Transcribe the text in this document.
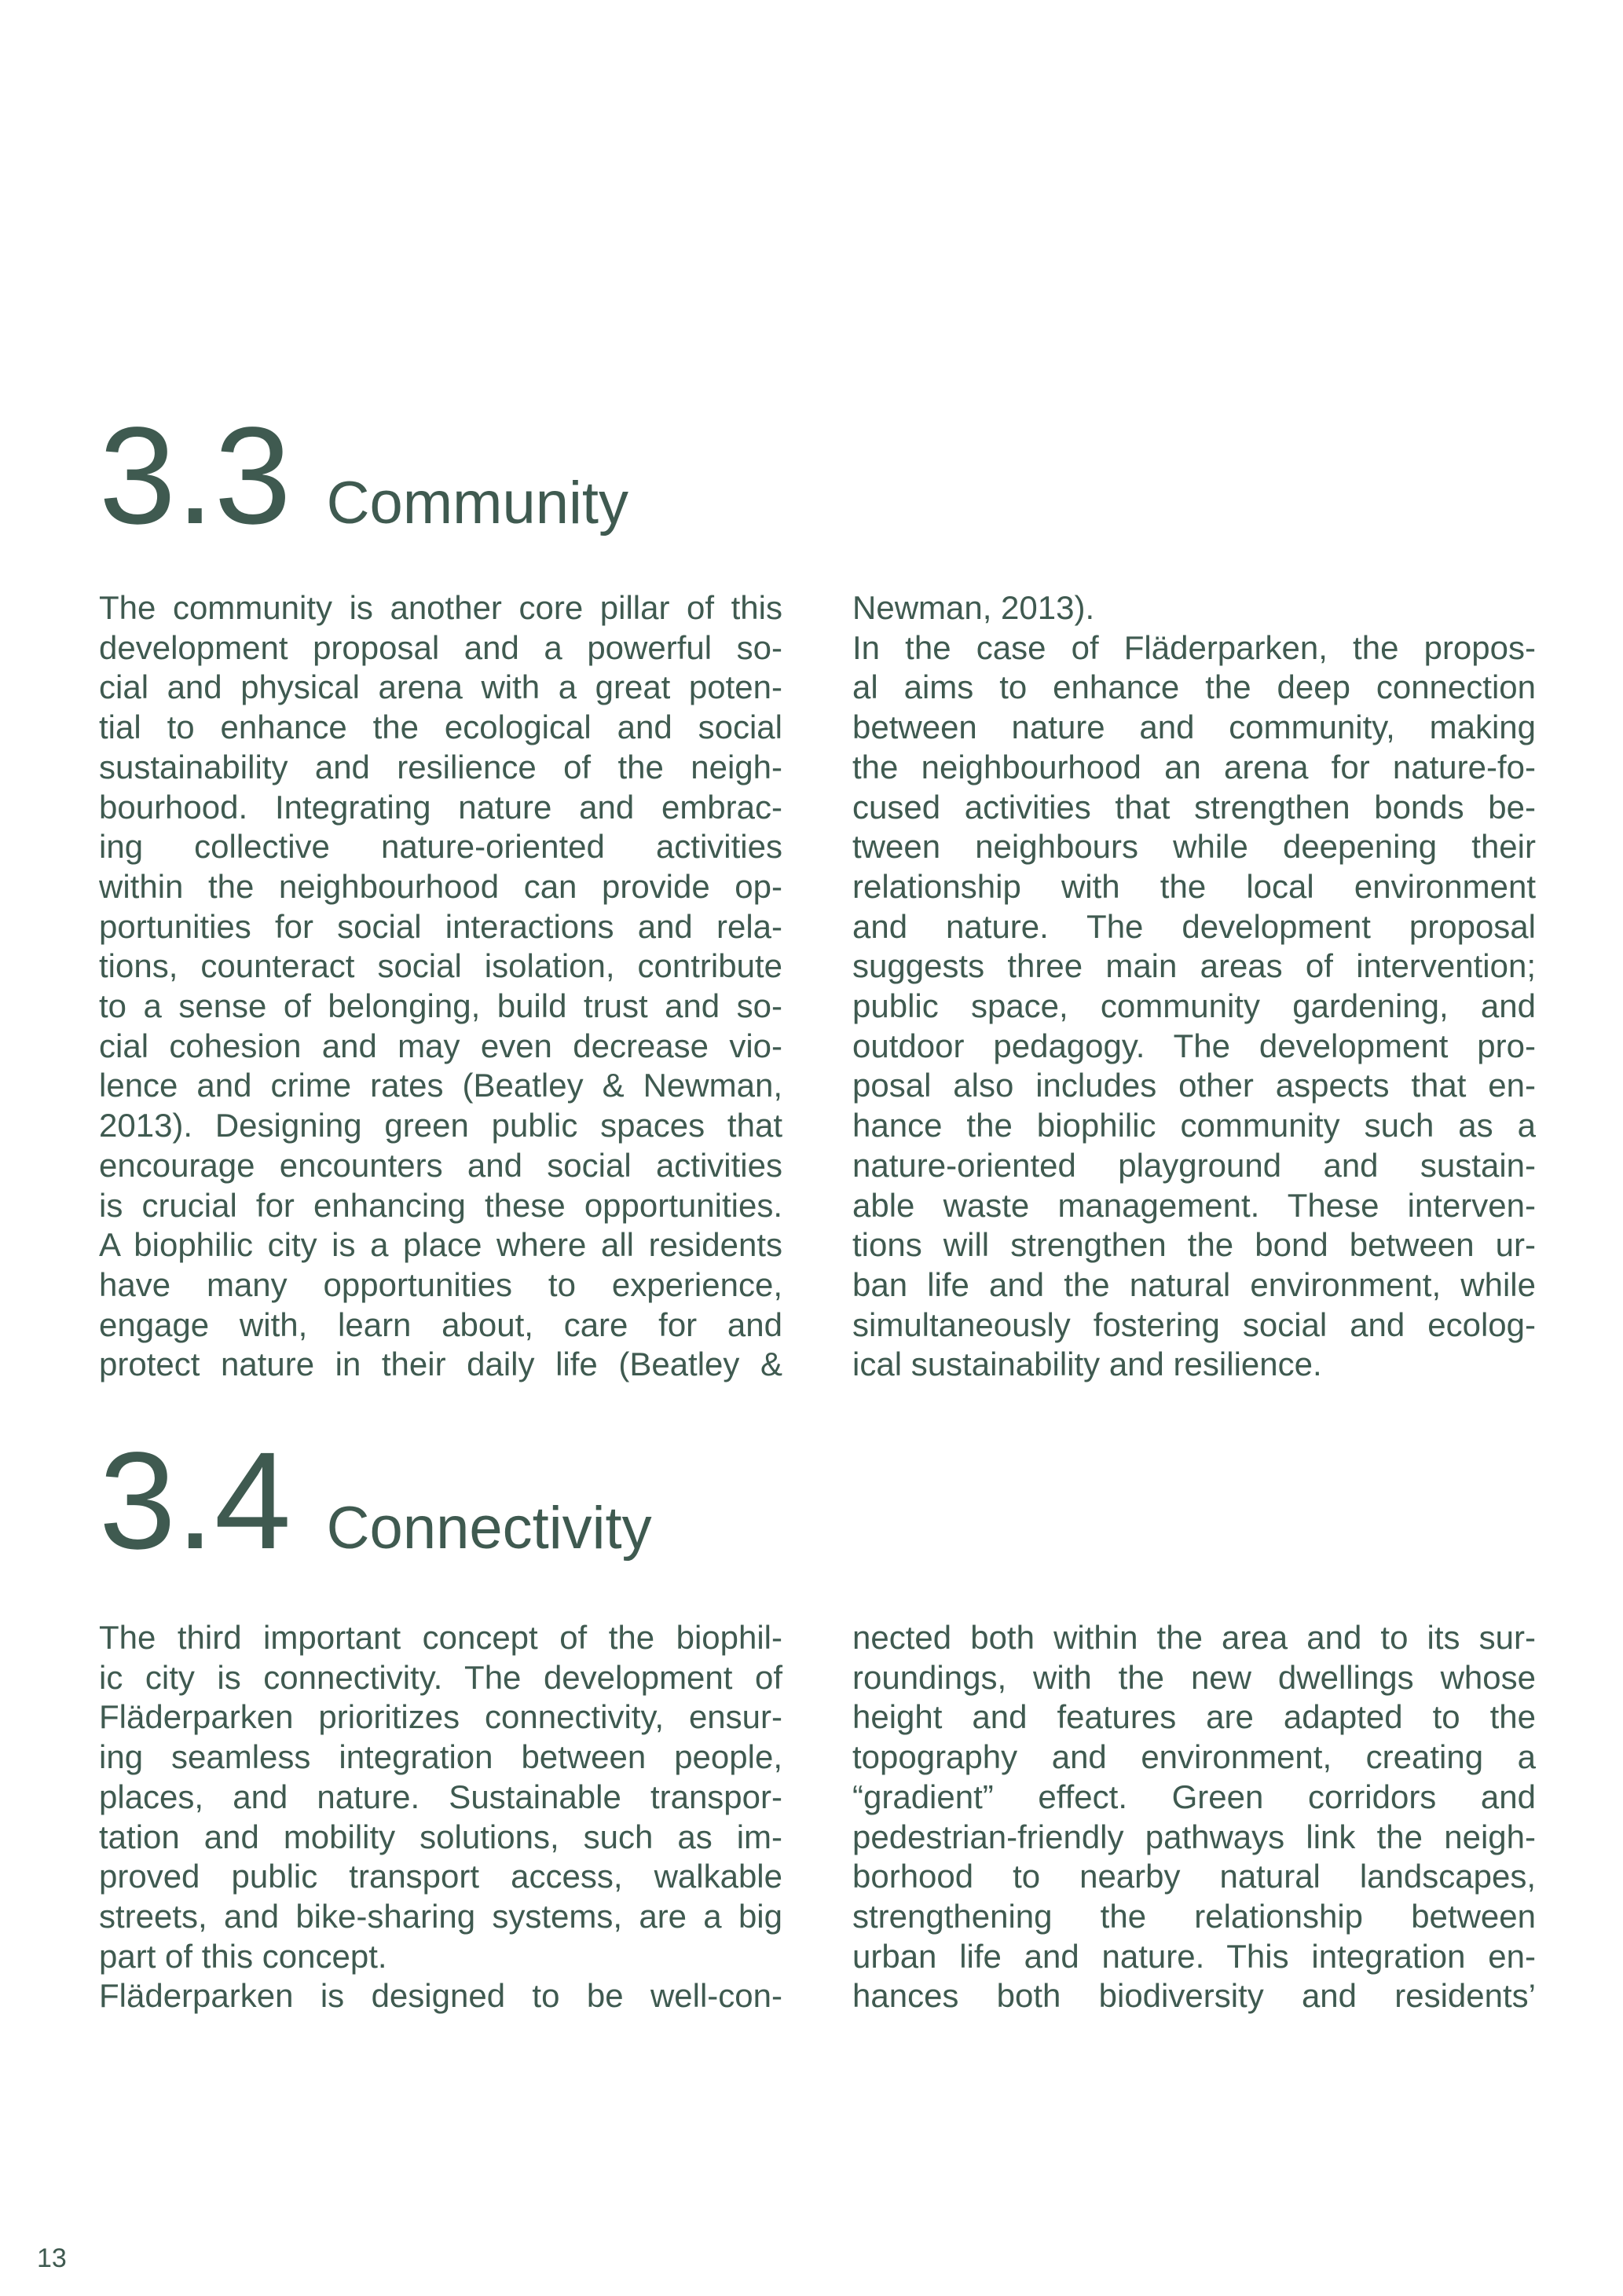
3.3 Community
The community is another core pillar of this
development proposal and a powerful so-
cial and physical arena with a great poten-
tial to enhance the ecological and social
sustainability and resilience of the neigh-
bourhood. Integrating nature and embrac-
ing collective nature-oriented activities
within the neighbourhood can provide op-
portunities for social interactions and rela-
tions, counteract social isolation, contribute
to a sense of belonging, build trust and so-
cial cohesion and may even decrease vio-
lence and crime rates (Beatley & Newman,
2013). Designing green public spaces that
encourage encounters and social activities
is crucial for enhancing these opportunities.
A biophilic city is a place where all residents
have many opportunities to experience,
engage with, learn about, care for and
protect nature in their daily life (Beatley &
Newman, 2013).
In the case of Fläderparken, the propos-
al aims to enhance the deep connection
between nature and community, making
the neighbourhood an arena for nature-fo-
cused activities that strengthen bonds be-
tween neighbours while deepening their
relationship with the local environment
and nature. The development proposal
suggests three main areas of intervention;
public space, community gardening, and
outdoor pedagogy. The development pro-
posal also includes other aspects that en-
hance the biophilic community such as a
nature-oriented playground and sustain-
able waste management. These interven-
tions will strengthen the bond between ur-
ban life and the natural environment, while
simultaneously fostering social and ecolog-
ical sustainability and resilience.
3.4 Connectivity
The third important concept of the biophil-
ic city is connectivity. The development of
Fläderparken prioritizes connectivity, ensur-
ing seamless integration between people,
places, and nature. Sustainable transpor-
tation and mobility solutions, such as im-
proved public transport access, walkable
streets, and bike-sharing systems, are a big
part of this concept.
Fläderparken is designed to be well-con-
nected both within the area and to its sur-
roundings, with the new dwellings whose
height and features are adapted to the
topography and environment, creating a
“gradient” effect. Green corridors and
pedestrian-friendly pathways link the neigh-
borhood to nearby natural landscapes,
strengthening the relationship between
urban life and nature. This integration en-
hances both biodiversity and residents’
13
